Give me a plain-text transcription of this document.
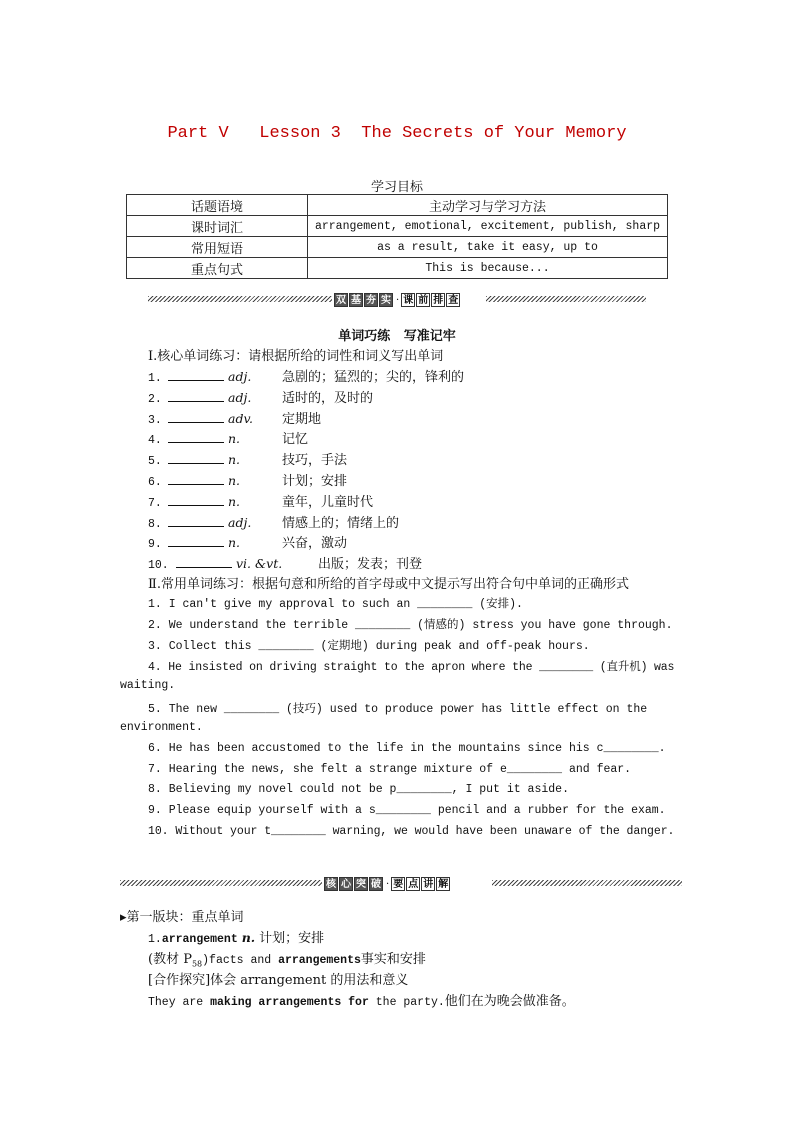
Part V   Lesson 3  The Secrets of Your Memory
学习目标
话题语境	主动学习与学习方法
课时词汇	arrangement, emotional, excitement, publish, sharp
常用短语	as a result, take it easy, up to
重点句式	This is because...
双 基 夯 实 · 课 前 排 查
单词巧练   写准记牢
Ⅰ.核心单词练习：请根据所给的词性和词义写出单词
1.	adj. 急剧的；猛烈的；尖的，锋利的
2.	adj. 适时的，及时的
3.	adv. 定期地
4.	n.	记忆
5.	n.	技巧，手法
6.	n.	计划；安排
7.	n.	童年，儿童时代
8.	adj. 情感上的；情绪上的
9.	n.	兴奋，激动
10.	vi. &vt.	出版；发表；刊登
Ⅱ.常用单词练习：根据句意和所给的首字母或中文提示写出符合句中单词的正确形式
1. I can't give my approval to such an ________ (安排).
2. We understand the terrible ________ (情感的) stress you have gone through.
3. Collect this ________ (定期地) during peak and off-peak hours.
4. He insisted on driving straight to the apron where the ________ (直升机) was
waiting.
5. The new ________ (技巧) used to produce power has little effect on the
environment.
6. He has been accustomed to the life in the mountains since his c________.
7. Hearing the news, she felt a strange mixture of e________ and fear.
8. Believing my novel could not be p________, I put it aside.
9. Please equip yourself with a s________ pencil and a rubber for the exam.
10. Without your t________ warning, we would have been unaware of the danger.
核 心 突 破 · 要 点 讲 解
▸第一版块：重点单词
1.arrangement n. 计划；安排
(教材 $P_{58})facts$ and arrangements事实和安排
[合作探究]体会 arrangement 的用法和意义
They are making arrangements for the party.他们在为晚会做准备。
